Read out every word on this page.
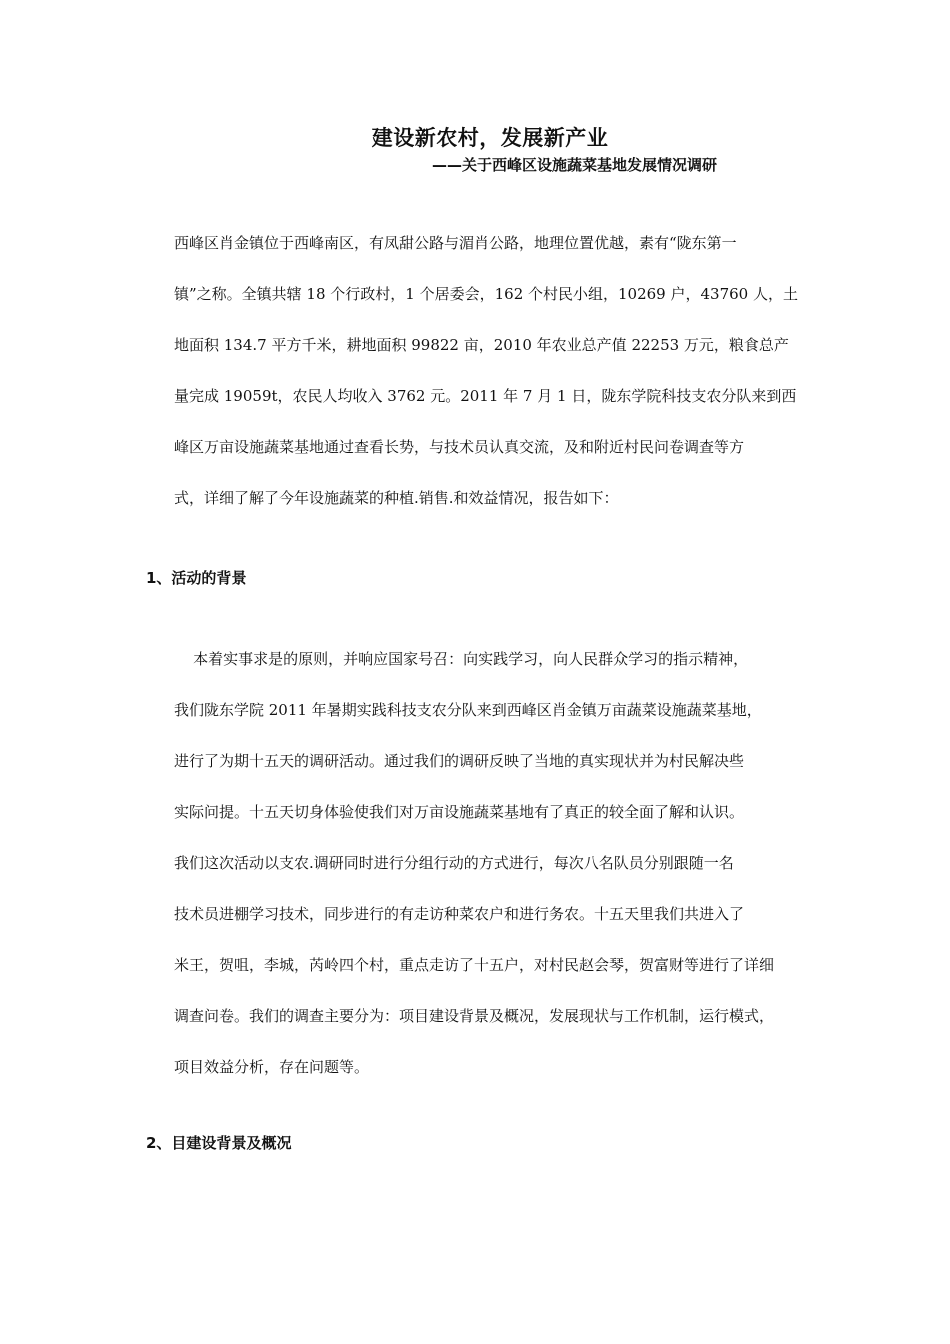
建设新农村，发展新产业

——关于西峰区设施蔬菜基地发展情况调研

西峰区肖金镇位于西峰南区，有凤甜公路与湄肖公路，地理位置优越，素有“陇东第一
镇”之称。全镇共辖 18 个行政村，1 个居委会，162 个村民小组，10269 户，43760 人，土
地面积 134.7 平方千米，耕地面积 99822 亩，2010 年农业总产值 22253 万元，粮食总产
量完成 19059t，农民人均收入 3762 元。2011 年 7 月 1 日，陇东学院科技支农分队来到西
峰区万亩设施蔬菜基地通过查看长势，与技术员认真交流，及和附近村民问卷调查等方
式，详细了解了今年设施蔬菜的种植.销售.和效益情况，报告如下：
1、活动的背景
本着实事求是的原则，并响应国家号召：向实践学习，向人民群众学习的指示精神，
我们陇东学院 2011 年暑期实践科技支农分队来到西峰区肖金镇万亩蔬菜设施蔬菜基地，
进行了为期十五天的调研活动。通过我们的调研反映了当地的真实现状并为村民解决些
实际问提。十五天切身体验使我们对万亩设施蔬菜基地有了真正的较全面了解和认识。
我们这次活动以支农.调研同时进行分组行动的方式进行，每次八名队员分别跟随一名
技术员进棚学习技术，同步进行的有走访种菜农户和进行务农。十五天里我们共进入了
米王，贺咀，李城，芮岭四个村，重点走访了十五户，对村民赵会琴，贺富财等进行了详细
调查问卷。我们的调查主要分为：项目建设背景及概况，发展现状与工作机制，运行模式，
项目效益分析，存在问题等。
2、目建设背景及概况
